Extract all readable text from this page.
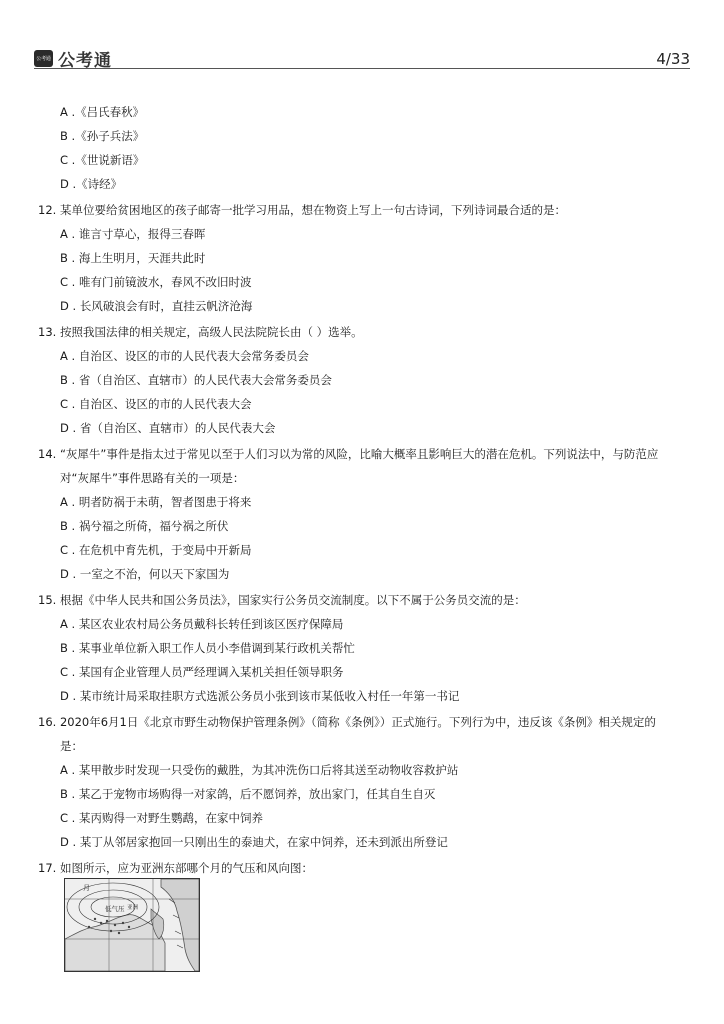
公考通 公考通	4/33
A .《吕氏春秋》
B .《孙子兵法》
C .《世说新语》
D .《诗经》
12. 某单位要给贫困地区的孩子邮寄一批学习用品，想在物资上写上一句古诗词，下列诗词最合适的是：
A . 谁言寸草心，报得三春晖
B . 海上生明月，天涯共此时
C . 唯有门前镜波水，春风不改旧时波
D . 长风破浪会有时，直挂云帆济沧海
13. 按照我国法律的相关规定，高级人民法院院长由（ ）选举。
A . 自治区、设区的市的人民代表大会常务委员会
B . 省（自治区、直辖市）的人民代表大会常务委员会
C . 自治区、设区的市的人民代表大会
D . 省（自治区、直辖市）的人民代表大会
14. “灰犀牛”事件是指太过于常见以至于人们习以为常的风险，比喻大概率且影响巨大的潜在危机。下列说法中，与防范应
对“灰犀牛”事件思路有关的一项是：
A . 明者防祸于未萌，智者图患于将来
B . 祸兮福之所倚，福兮祸之所伏
C . 在危机中育先机，于变局中开新局
D . 一室之不治，何以天下家国为
15. 根据《中华人民共和国公务员法》，国家实行公务员交流制度。以下不属于公务员交流的是：
A . 某区农业农村局公务员戴科长转任到该区医疗保障局
B . 某事业单位新入职工作人员小李借调到某行政机关帮忙
C . 某国有企业管理人员严经理调入某机关担任领导职务
D . 某市统计局采取挂职方式选派公务员小张到该市某低收入村任一年第一书记
16. 2020年6月1日《北京市野生动物保护管理条例》（简称《条例》）正式施行。下列行为中，违反该《条例》相关规定的
是：
A . 某甲散步时发现一只受伤的戴胜，为其冲洗伤口后将其送至动物收容救护站
B . 某乙于宠物市场购得一对家鸽，后不愿饲养，放出家门，任其自生自灭
C . 某丙购得一对野生鹦鹉，在家中饲养
D . 某丁从邻居家抱回一只刚出生的泰迪犬，在家中饲养，还未到派出所登记
17. 如图所示，应为亚洲东部哪个月的气压和风向图：
月
低气压 亚洲
